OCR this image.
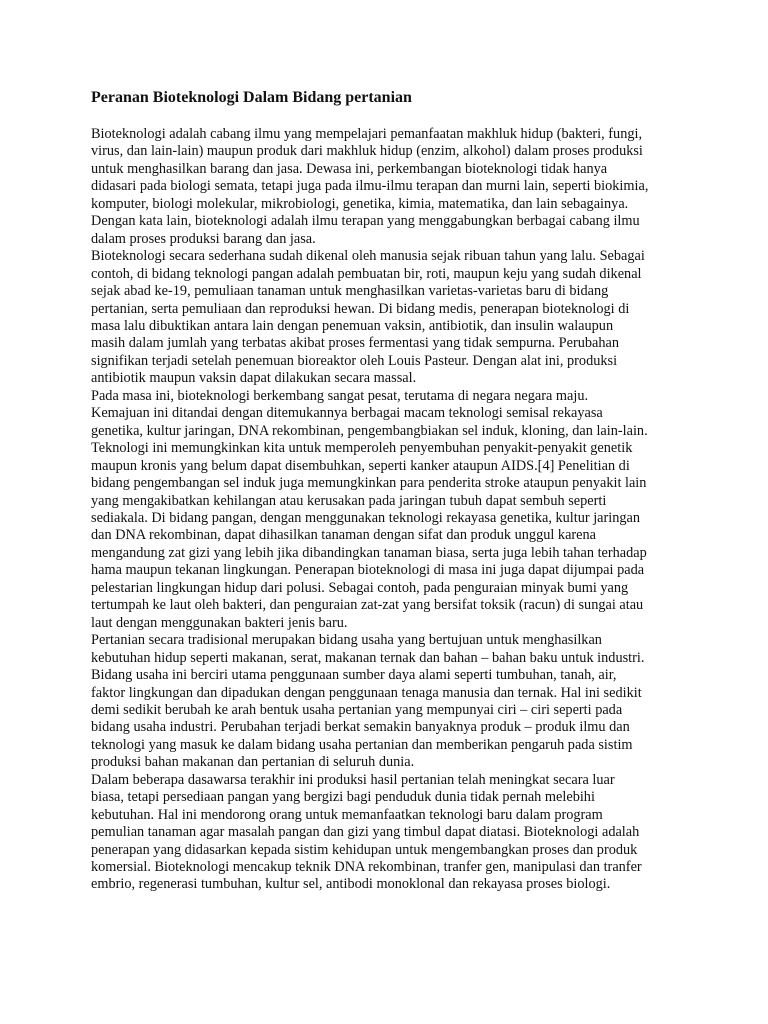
Peranan Bioteknologi Dalam Bidang pertanian

Bioteknologi adalah cabang ilmu yang mempelajari pemanfaatan makhluk hidup (bakteri, fungi,
virus, dan lain-lain) maupun produk dari makhluk hidup (enzim, alkohol) dalam proses produksi
untuk menghasilkan barang dan jasa. Dewasa ini, perkembangan bioteknologi tidak hanya
didasari pada biologi semata, tetapi juga pada ilmu-ilmu terapan dan murni lain, seperti biokimia,
komputer, biologi molekular, mikrobiologi, genetika, kimia, matematika, dan lain sebagainya.
Dengan kata lain, bioteknologi adalah ilmu terapan yang menggabungkan berbagai cabang ilmu
dalam proses produksi barang dan jasa.

Bioteknologi secara sederhana sudah dikenal oleh manusia sejak ribuan tahun yang lalu. Sebagai
contoh, di bidang teknologi pangan adalah pembuatan bir, roti, maupun keju yang sudah dikenal
sejak abad ke-19, pemuliaan tanaman untuk menghasilkan varietas-varietas baru di bidang
pertanian, serta pemuliaan dan reproduksi hewan. Di bidang medis, penerapan bioteknologi di
masa lalu dibuktikan antara lain dengan penemuan vaksin, antibiotik, dan insulin walaupun
masih dalam jumlah yang terbatas akibat proses fermentasi yang tidak sempurna. Perubahan
signifikan terjadi setelah penemuan bioreaktor oleh Louis Pasteur. Dengan alat ini, produksi
antibiotik maupun vaksin dapat dilakukan secara massal.

Pada masa ini, bioteknologi berkembang sangat pesat, terutama di negara negara maju.
Kemajuan ini ditandai dengan ditemukannya berbagai macam teknologi semisal rekayasa
genetika, kultur jaringan, DNA rekombinan, pengembangbiakan sel induk, kloning, dan lain-lain.
Teknologi ini memungkinkan kita untuk memperoleh penyembuhan penyakit-penyakit genetik
maupun kronis yang belum dapat disembuhkan, seperti kanker ataupun AIDS.[4] Penelitian di
bidang pengembangan sel induk juga memungkinkan para penderita stroke ataupun penyakit lain
yang mengakibatkan kehilangan atau kerusakan pada jaringan tubuh dapat sembuh seperti
sediakala. Di bidang pangan, dengan menggunakan teknologi rekayasa genetika, kultur jaringan
dan DNA rekombinan, dapat dihasilkan tanaman dengan sifat dan produk unggul karena
mengandung zat gizi yang lebih jika dibandingkan tanaman biasa, serta juga lebih tahan terhadap
hama maupun tekanan lingkungan. Penerapan bioteknologi di masa ini juga dapat dijumpai pada
pelestarian lingkungan hidup dari polusi. Sebagai contoh, pada penguraian minyak bumi yang
tertumpah ke laut oleh bakteri, dan penguraian zat-zat yang bersifat toksik (racun) di sungai atau
laut dengan menggunakan bakteri jenis baru.

Pertanian secara tradisional merupakan bidang usaha yang bertujuan untuk menghasilkan
kebutuhan hidup seperti makanan, serat, makanan ternak dan bahan – bahan baku untuk industri.
Bidang usaha ini berciri utama penggunaan sumber daya alami seperti tumbuhan, tanah, air,
faktor lingkungan dan dipadukan dengan penggunaan tenaga manusia dan ternak. Hal ini sedikit
demi sedikit berubah ke arah bentuk usaha pertanian yang mempunyai ciri – ciri seperti pada
bidang usaha industri. Perubahan terjadi berkat semakin banyaknya produk – produk ilmu dan
teknologi yang masuk ke dalam bidang usaha pertanian dan memberikan pengaruh pada sistim
produksi bahan makanan dan pertanian di seluruh dunia.

Dalam beberapa dasawarsa terakhir ini produksi hasil pertanian telah meningkat secara luar
biasa, tetapi persediaan pangan yang bergizi bagi penduduk dunia tidak pernah melebihi
kebutuhan. Hal ini mendorong orang untuk memanfaatkan teknologi baru dalam program
pemulian tanaman agar masalah pangan dan gizi yang timbul dapat diatasi. Bioteknologi adalah
penerapan yang didasarkan kepada sistim kehidupan untuk mengembangkan proses dan produk
komersial. Bioteknologi mencakup teknik DNA rekombinan, tranfer gen, manipulasi dan tranfer
embrio, regenerasi tumbuhan, kultur sel, antibodi monoklonal dan rekayasa proses biologi.
